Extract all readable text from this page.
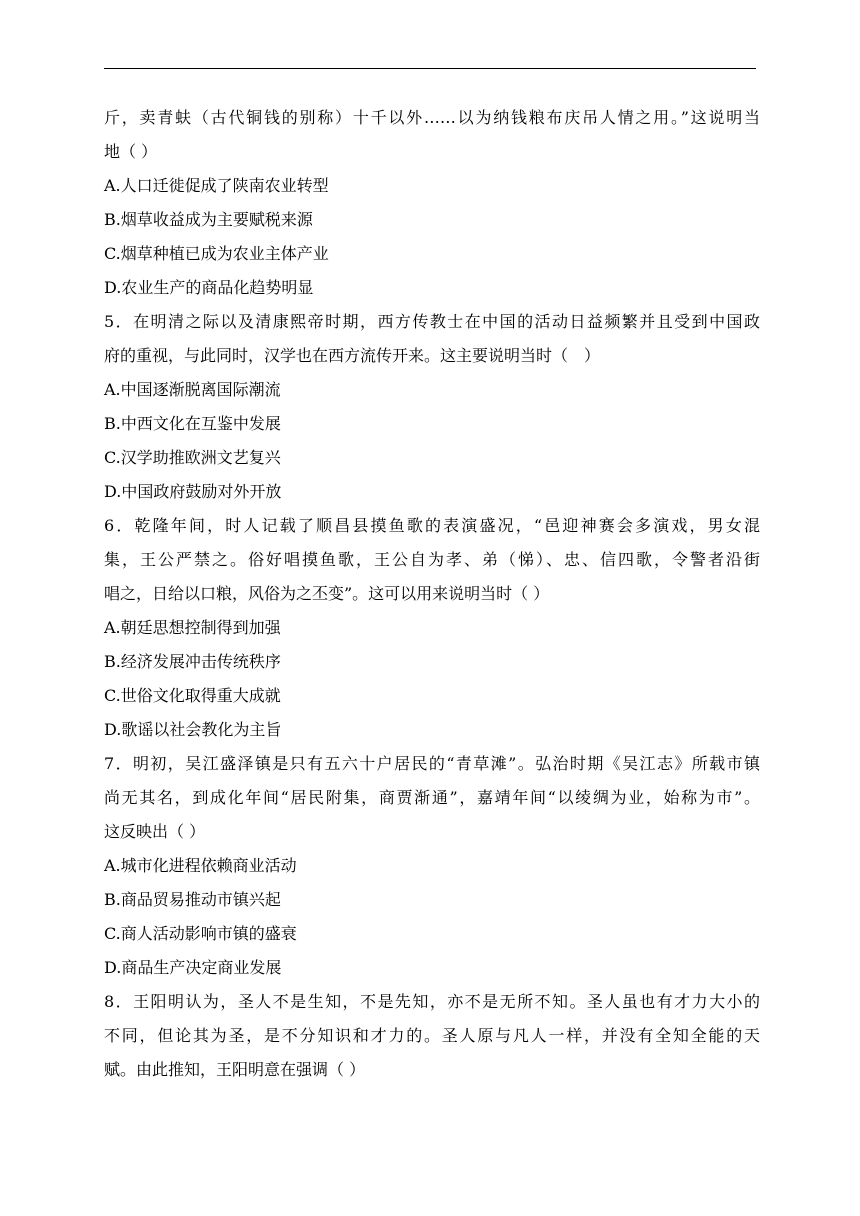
斤，卖青蚨（古代铜钱的别称）十千以外……以为纳钱粮布庆吊人情之用。”这说明当
地（ ）
A.人口迁徙促成了陕南农业转型
B.烟草收益成为主要赋税来源
C.烟草种植已成为农业主体产业
D.农业生产的商品化趋势明显
5．在明清之际以及清康熙帝时期，西方传教士在中国的活动日益频繁并且受到中国政
府的重视，与此同时，汉学也在西方流传开来。这主要说明当时（　）
A.中国逐渐脱离国际潮流
B.中西文化在互鉴中发展
C.汉学助推欧洲文艺复兴
D.中国政府鼓励对外开放
6．乾隆年间，时人记载了顺昌县摸鱼歌的表演盛况，“邑迎神赛会多演戏，男女混
集，王公严禁之。俗好唱摸鱼歌，王公自为孝、弟（悌）、忠、信四歌，令警者沿街
唱之，日给以口粮，风俗为之丕变”。这可以用来说明当时（ ）
A.朝廷思想控制得到加强
B.经济发展冲击传统秩序
C.世俗文化取得重大成就
D.歌谣以社会教化为主旨
7．明初，吴江盛泽镇是只有五六十户居民的“青草滩”。弘治时期《吴江志》所载市镇
尚无其名，到成化年间“居民附集，商贾渐通”，嘉靖年间“以绫绸为业，始称为市”。
这反映出（ ）
A.城市化进程依赖商业活动
B.商品贸易推动市镇兴起
C.商人活动影响市镇的盛衰
D.商品生产决定商业发展
8．王阳明认为，圣人不是生知，不是先知，亦不是无所不知。圣人虽也有才力大小的
不同，但论其为圣，是不分知识和才力的。圣人原与凡人一样，并没有全知全能的天
赋。由此推知，王阳明意在强调（ ）
